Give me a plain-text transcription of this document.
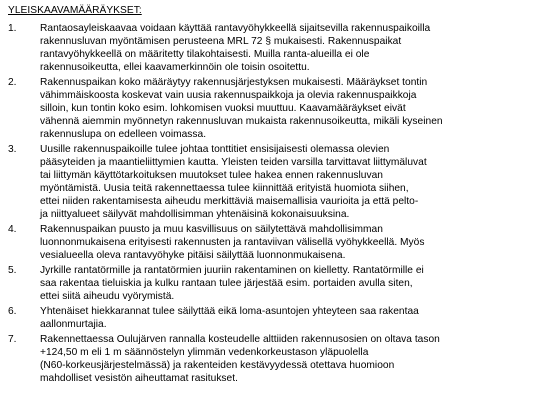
YLEISKAAVAMÄÄRÄYKSET:
1.	Rantaosayleiskaavaa voidaan käyttää rantavyöhykkeellä sijaitsevilla rakennuspaikoilla
rakennusluvan myöntämisen perusteena MRL 72 § mukaisesti. Rakennuspaikat
rantavyöhykkeellä on määritetty tilakohtaisesti. Muilla ranta-alueilla ei ole
rakennusoikeutta, ellei kaavamerkinnöin ole toisin osoitettu.
2.	Rakennuspaikan koko määräytyy rakennusjärjestyksen mukaisesti. Määräykset tontin
vähimmäiskoosta koskevat vain uusia rakennuspaikkoja ja olevia rakennuspaikkoja
silloin, kun tontin koko esim. lohkomisen vuoksi muuttuu. Kaavamääräykset eivät
vähennä aiemmin myönnetyn rakennusluvan mukaista rakennusoikeutta, mikäli kyseinen
rakennuslupa on edelleen voimassa.
3.	Uusille rakennuspaikoille tulee johtaa tonttitiet ensisijaisesti olemassa olevien
pääsyteiden ja maantieliittymien kautta. Yleisten teiden varsilla tarvittavat liittymäluvat
tai liittymän käyttötarkoituksen muutokset tulee hakea ennen rakennusluvan
myöntämistä. Uusia teitä rakennettaessa tulee kiinnittää erityistä huomiota siihen,
ettei niiden rakentamisesta aiheudu merkittäviä maisemallisia vaurioita ja että pelto-
ja niittyalueet säilyvät mahdollisimman yhtenäisinä kokonaisuuksina.
4.	Rakennuspaikan puusto ja muu kasvillisuus on säilytettävä mahdollisimman
luonnonmukaisena erityisesti rakennusten ja rantaviivan välisellä vyöhykkeellä. Myös
vesialueella oleva rantavyöhyke pitäisi säilyttää luonnonmukaisena.
5.	Jyrkille rantatörmille ja rantatörmien juuriin rakentaminen on kielletty. Rantatörmille ei
saa rakentaa tieluiskia ja kulku rantaan tulee järjestää esim. portaiden avulla siten,
ettei siitä aiheudu vyörymistä.
6.	Yhtenäiset hiekkarannat tulee säilyttää eikä loma-asuntojen yhteyteen saa rakentaa
aallonmurtajia.
7.	Rakennettaessa Oulujärven rannalla kosteudelle alttiiden rakennusosien on oltava tason
+124,50 m eli 1 m säännöstelyn ylimmän vedenkorkeustason yläpuolella
(N60-korkeusjärjestelmässä) ja rakenteiden kestävyydessä otettava huomioon
mahdolliset vesistön aiheuttamat rasitukset.
